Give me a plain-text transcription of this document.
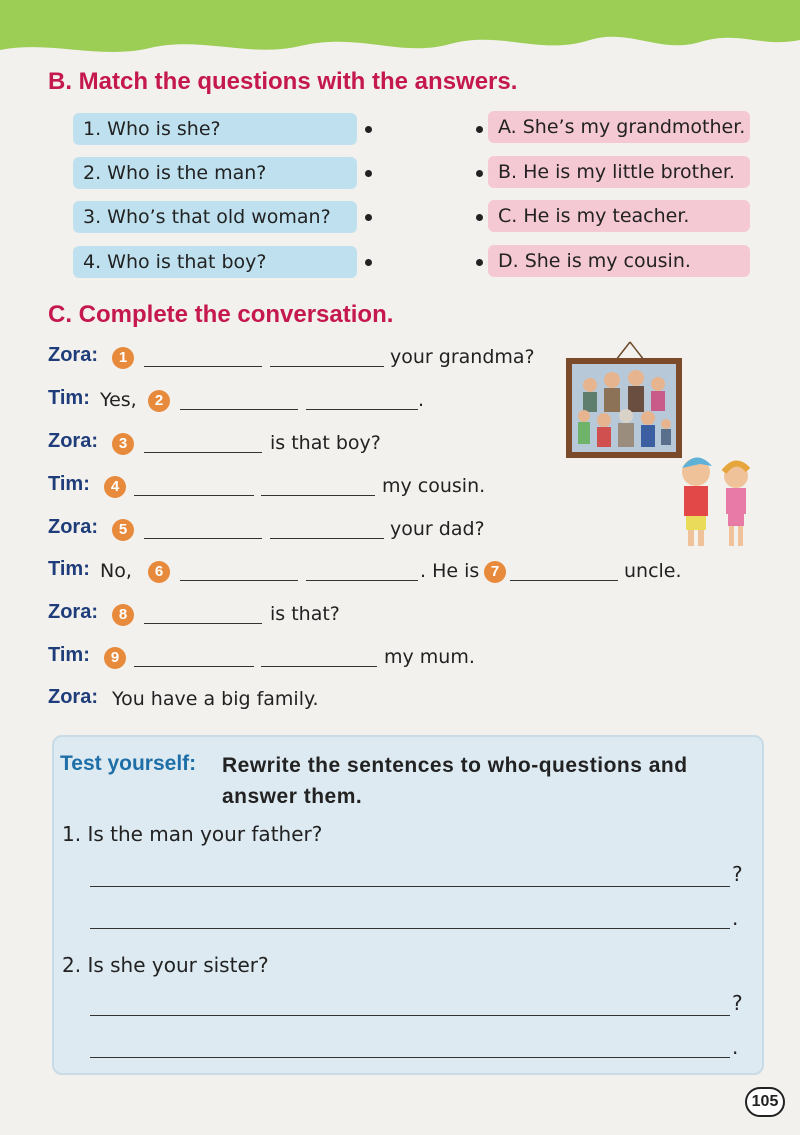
B. Match the questions with the answers.
1. Who is she?
2. Who is the man?
3. Who’s that old woman?
4. Who is that boy?
A. She’s my grandmother.
B. He is my little brother.
C. He is my teacher.
D. She is my cousin.
C. Complete the conversation.
Zora:	1	your grandma?
Tim: Yes,	2	.
Zora:	3	is that boy?
Tim:	4	my cousin.
Zora:	5	your dad?
Tim: No,	6	. He is 7	uncle.
Zora:	8	is that?
Tim:	9	my mum.
Zora: You have a big family.
Test yourself: Rewrite the sentences to who-questions and answer them.
1. Is the man your father?
?
.
2. Is she your sister?
?
.
105
